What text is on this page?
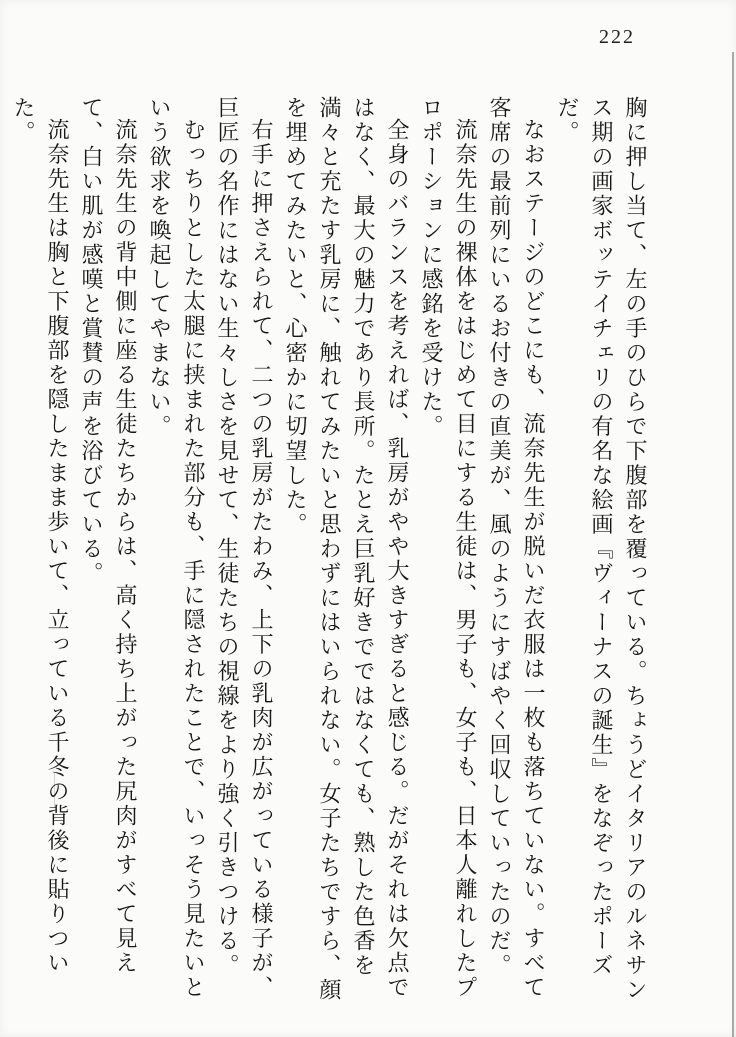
222

胸に押し当て、左の手のひらで下腹部を覆っている。ちょうどイタリアのルネサンス期の画家ボッテイチェリの有名な絵画『ヴィーナスの誕生』をなぞったポーズだ。

なおステージのどこにも、流奈先生が脱いだ衣服は一枚も落ちていない。すべて客席の最前列にいるお付きの直美が、風のようにすばやく回収していったのだ。

流奈先生の裸体をはじめて目にする生徒は、男子も、女子も、日本人離れしたプロポーションに感銘を受けた。

全身のバランスを考えれば、乳房がやや大きすぎると感じる。だがそれは欠点ではなく、最大の魅力であり長所。たとえ巨乳好きでではなくても、熟した色香を満々と充たす乳房に、触れてみたいと思わずにはいられない。女子たちですら、顔を埋めてみたいと、心密かに切望した。

右手に押さえられて、二つの乳房がたわみ、上下の乳肉が広がっている様子が、巨匠の名作にはない生々しさを見せて、生徒たちの視線をより強く引きつける。

むっちりとした太腿に挟まれた部分も、手に隠されたことで、いっそう見たいという欲求を喚起してやまない。

流奈先生の背中側に座る生徒たちからは、高く持ち上がった尻肉がすべて見えて、白い肌が感嘆と賞賛の声を浴びている。

流奈先生は胸と下腹部を隠したまま歩いて、立っている千冬の背後に貼りついた。
